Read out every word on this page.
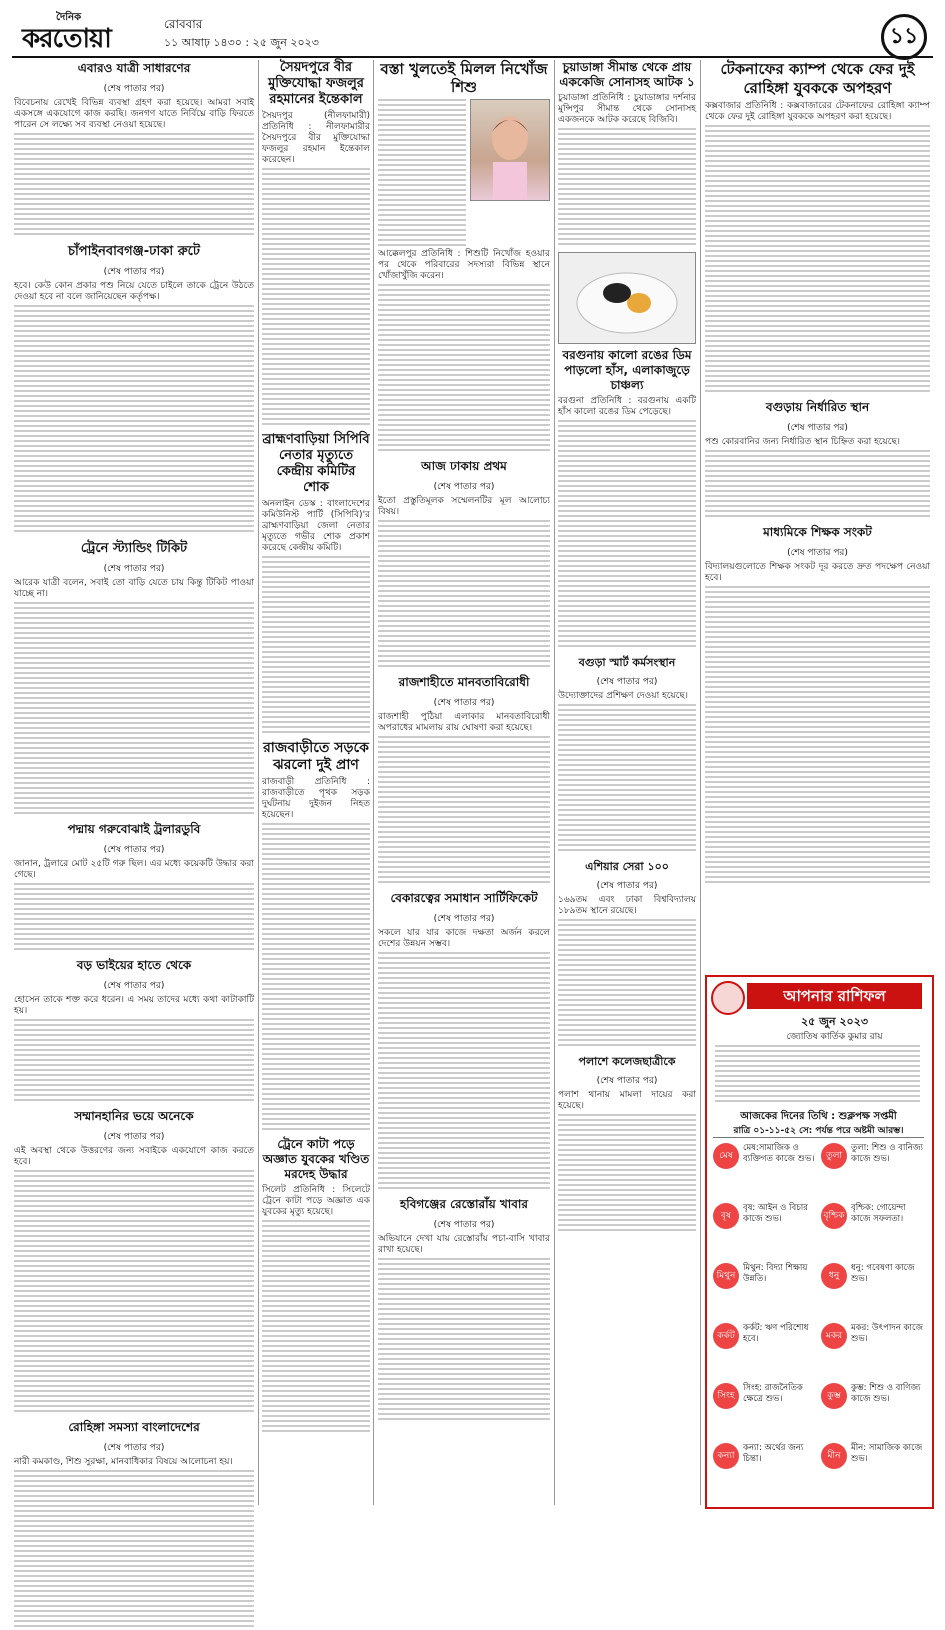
দৈনিক
করতোয়া	রোববার
১১ আষাঢ় ১৪৩০ : ২৫ জুন ২০২৩	১১
এবারও যাত্রী সাধারণের
(শেষ পাতার পর)
বিবেচনায় রেখেই বিভিন্ন ব্যবস্থা গ্রহণ করা হয়েছে। আমরা সবাই একসঙ্গে একযোগে কাজ করছি। জনগণ যাতে নির্বিঘ্নে বাড়ি ফিরতে পারেন সে লক্ষ্যে সব ব্যবস্থা নেওয়া হয়েছে।
চাঁপাইনবাবগঞ্জ-ঢাকা রুটে
(শেষ পাতার পর)
হবে। কেউ কোন প্রকার পশু নিয়ে যেতে চাইলে তাকে ট্রেনে উঠতে দেওয়া হবে না বলে জানিয়েছেন কর্তৃপক্ষ।
ট্রেনে স্ট্যান্ডিং টিকিট
(শেষ পাতার পর)
আরেক যাত্রী বলেন, সবাই তো বাড়ি যেতে চায় কিন্তু টিকিট পাওয়া যাচ্ছে না।
পদ্মায় গরুবোঝাই ট্রলারডুবি
(শেষ পাতার পর)
জানান, ট্রলারে মোট ২৫টি গরু ছিল। এর মধ্যে কয়েকটি উদ্ধার করা গেছে।
বড় ভাইয়ের হাতে থেকে
(শেষ পাতার পর)
হোসেন তাকে শক্ত করে ধরেন। এ সময় তাদের মধ্যে কথা কাটাকাটি হয়।
সম্মানহানির ভয়ে অনেকে
(শেষ পাতার পর)
এই অবস্থা থেকে উত্তরণের জন্য সবাইকে একযোগে কাজ করতে হবে।
রোহিঙ্গা সমস্যা বাংলাদেশের
(শেষ পাতার পর)
নারী কমকাণ্ড, শিশু সুরক্ষা, মানবাধিকার বিষয়ে আলোচনা হয়।
সৈয়দপুরে বীর মুক্তিযোদ্ধা ফজলুর রহমানের ইন্তেকাল
সৈয়দপুর (নীলফামারী) প্রতিনিধি : নীলফামারীর সৈয়দপুরে বীর মুক্তিযোদ্ধা ফজলুর রহমান ইন্তেকাল করেছেন।
ব্রাহ্মণবাড়িয়া সিপিবি নেতার মৃত্যুতে কেন্দ্রীয় কমিটির শোক
অনলাইন ডেস্ক : বাংলাদেশের কমিউনিস্ট পার্টি (সিপিবি)'র ব্রাহ্মণবাড়িয়া জেলা নেতার মৃত্যুতে গভীর শোক প্রকাশ করেছে কেন্দ্রীয় কমিটি।
রাজবাড়ীতে সড়কে ঝরলো দুই প্রাণ
রাজবাড়ী প্রতিনিধি : রাজবাড়ীতে পৃথক সড়ক দুর্ঘটনায় দুইজন নিহত হয়েছেন।
ট্রেনে কাটা পড়ে অজ্ঞাত যুবকের খণ্ডিত মরদেহ উদ্ধার
সিলেট প্রতিনিধি : সিলেটে ট্রেনে কাটা পড়ে অজ্ঞাত এক যুবকের মৃত্যু হয়েছে।
বস্তা খুলতেই মিলল নিখোঁজ শিশু
আক্কেলপুর প্রতিনিধি : শিশুটি নিখোঁজ হওয়ার পর থেকে পরিবারের সদস্যরা বিভিন্ন স্থানে খোঁজাখুঁজি করেন।
আজ ঢাকায় প্রথম
(শেষ পাতার পর)
ইতো প্রস্তুতিমূলক সম্মেলনটির মূল আলোচ্য বিষয়।
রাজশাহীতে মানবতাবিরোধী
(শেষ পাতার পর)
রাজশাহী পুঠিয়া এলাকার মানবতাবিরোধী অপরাধের মামলায় রায় ঘোষণা করা হয়েছে।
বেকারত্বের সমাধান সার্টিফিকেট
(শেষ পাতার পর)
সকলে যার যার কাজে দক্ষতা অর্জন করলে দেশের উন্নয়ন সম্ভব।
হবিগঞ্জের রেস্তোরাঁয় খাবার
(শেষ পাতার পর)
অভিযানে দেখা যায় রেস্তোরাঁয় পচা-বাসি খাবার রাখা হয়েছে।
চুয়াডাঙ্গা সীমান্ত থেকে প্রায় এককেজি সোনাসহ আটক ১
চুয়াডাঙ্গা প্রতিনিধি : চুয়াডাঙ্গার দর্শনার মুন্সিপুর সীমান্ত থেকে সোনাসহ একজনকে আটক করেছে বিজিবি।
বরগুনায় কালো রঙের ডিম পাড়লো হাঁস, এলাকাজুড়ে চাঞ্চল্য
বরগুনা প্রতিনিধি : বরগুনায় একটি হাঁস কালো রঙের ডিম পেড়েছে।
বগুড়া স্মার্ট কর্মসংস্থান
(শেষ পাতার পর)
উদ্যোক্তাদের প্রশিক্ষণ দেওয়া হয়েছে।
এশিয়ার সেরা ১০০
(শেষ পাতার পর)
১৬৯তম এবং ঢাকা বিশ্ববিদ্যালয় ১৮৯তম স্থানে রয়েছে।
পলাশে কলেজছাত্রীকে
(শেষ পাতার পর)
পলাশ থানায় মামলা দায়ের করা হয়েছে।
টেকনাফের ক্যাম্প থেকে ফের দুই রোহিঙ্গা যুবককে অপহরণ
কক্সবাজার প্রতিনিধি : কক্সবাজারের টেকনাফের রোহিঙ্গা ক্যাম্প থেকে ফের দুই রোহিঙ্গা যুবককে অপহরণ করা হয়েছে।
বগুড়ায় নির্ধারিত স্থান
(শেষ পাতার পর)
পশু কোরবানির জন্য নির্ধারিত স্থান চিহ্নিত করা হয়েছে।
মাধ্যমিকে শিক্ষক সংকট
(শেষ পাতার পর)
বিদ্যালয়গুলোতে শিক্ষক সংকট দূর করতে দ্রুত পদক্ষেপ নেওয়া হবে।
আপনার রাশিফল
২৫ জুন ২০২৩
জ্যোতিষ কার্তিক কুমার রায়
আজকের দিনের তিথি : শুক্লপক্ষ সপ্তমী
রাত্রি ০১-১১-৫২ সে: পর্যন্ত পরে অষ্টমী আরম্ভ।
মেষ
মেষ:সামাজিক ও ব্যক্তিগত কাজে শুভ।
বৃষ
বৃষ: আইন ও বিচার কাজে শুভ।
মিথুন
মিথুন: বিদ্যা শিক্ষায় উন্নতি।
কর্কট
কর্কট: ঋণ পরিশোধ হবে।
সিংহ
সিংহ: রাজনৈতিক ক্ষেত্রে শুভ।
কন্যা
কন্যা: অর্থের জন্য চিন্তা।
তুলা
তুলা: শিশু ও বানিজ্য কাজে শুভ।
বৃশ্চিক
বৃশ্চিক: গোয়েন্দা কাজে সফলতা।
ধনু
ধনু: গবেষণা কাজে শুভ।
মকর
মকর: উৎপাদন কাজে শুভ।
কুম্ভ
কুম্ভ: শিশু ও বাণিজ্য কাজে শুভ।
মীন
মীন: সামাজিক কাজে শুভ।
